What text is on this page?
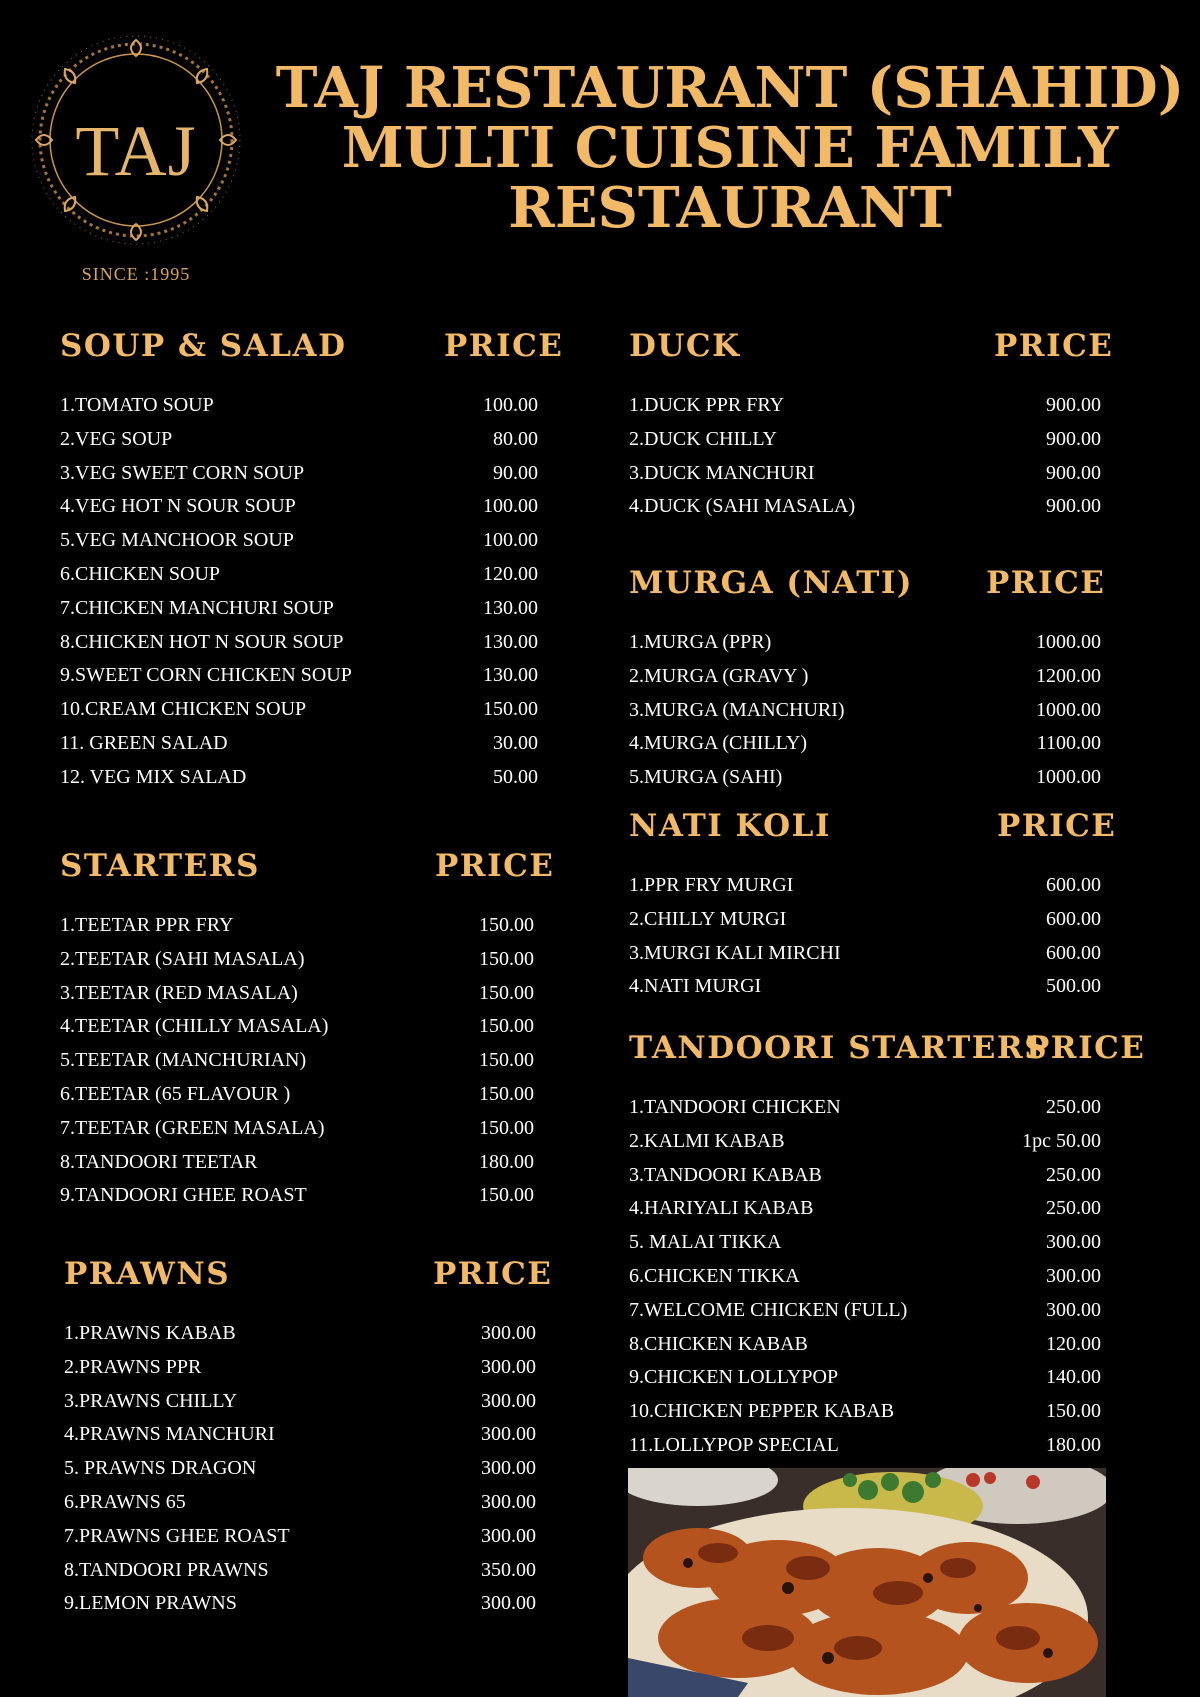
TAJ
SINCE :1995
TAJ RESTAURANT (SHAHID)
MULTI CUISINE FAMILY
RESTAURANT
SOUP & SALAD	PRICE
1.TOMATO SOUP	100.00
2.VEG SOUP	80.00
3.VEG SWEET CORN SOUP	90.00
4.VEG HOT N SOUR SOUP	100.00
5.VEG MANCHOOR SOUP	100.00
6.CHICKEN SOUP	120.00
7.CHICKEN MANCHURI SOUP	130.00
8.CHICKEN HOT N SOUR SOUP	130.00
9.SWEET CORN CHICKEN SOUP	130.00
10.CREAM CHICKEN SOUP	150.00
11. GREEN SALAD	30.00
12. VEG MIX SALAD	50.00
STARTERS	PRICE
1.TEETAR PPR FRY	150.00
2.TEETAR (SAHI MASALA)	150.00
3.TEETAR (RED MASALA)	150.00
4.TEETAR (CHILLY MASALA)	150.00
5.TEETAR (MANCHURIAN)	150.00
6.TEETAR (65 FLAVOUR )	150.00
7.TEETAR (GREEN MASALA)	150.00
8.TANDOORI TEETAR	180.00
9.TANDOORI GHEE ROAST	150.00
PRAWNS	PRICE
1.PRAWNS KABAB	300.00
2.PRAWNS PPR	300.00
3.PRAWNS CHILLY	300.00
4.PRAWNS MANCHURI	300.00
5. PRAWNS DRAGON	300.00
6.PRAWNS 65	300.00
7.PRAWNS GHEE ROAST	300.00
8.TANDOORI PRAWNS	350.00
9.LEMON PRAWNS	300.00
DUCK	PRICE
1.DUCK PPR FRY	900.00
2.DUCK CHILLY	900.00
3.DUCK MANCHURI	900.00
4.DUCK (SAHI MASALA)	900.00
MURGA (NATI) PRICE
1.MURGA (PPR)	1000.00
2.MURGA (GRAVY )	1200.00
3.MURGA (MANCHURI)	1000.00
4.MURGA (CHILLY)	1100.00
5.MURGA (SAHI)	1000.00
NATI KOLI	PRICE
1.PPR FRY MURGI	600.00
2.CHILLY MURGI	600.00
3.MURGI KALI MIRCHI	600.00
4.NATI MURGI	500.00
TANDOORI STARTERS
PRICE
1.TANDOORI CHICKEN	250.00
2.KALMI KABAB	1pc 50.00
3.TANDOORI KABAB	250.00
4.HARIYALI KABAB	250.00
5. MALAI TIKKA	300.00
6.CHICKEN TIKKA	300.00
7.WELCOME CHICKEN (FULL)	300.00
8.CHICKEN KABAB	120.00
9.CHICKEN LOLLYPOP	140.00
10.CHICKEN PEPPER KABAB	150.00
11.LOLLYPOP SPECIAL	180.00
